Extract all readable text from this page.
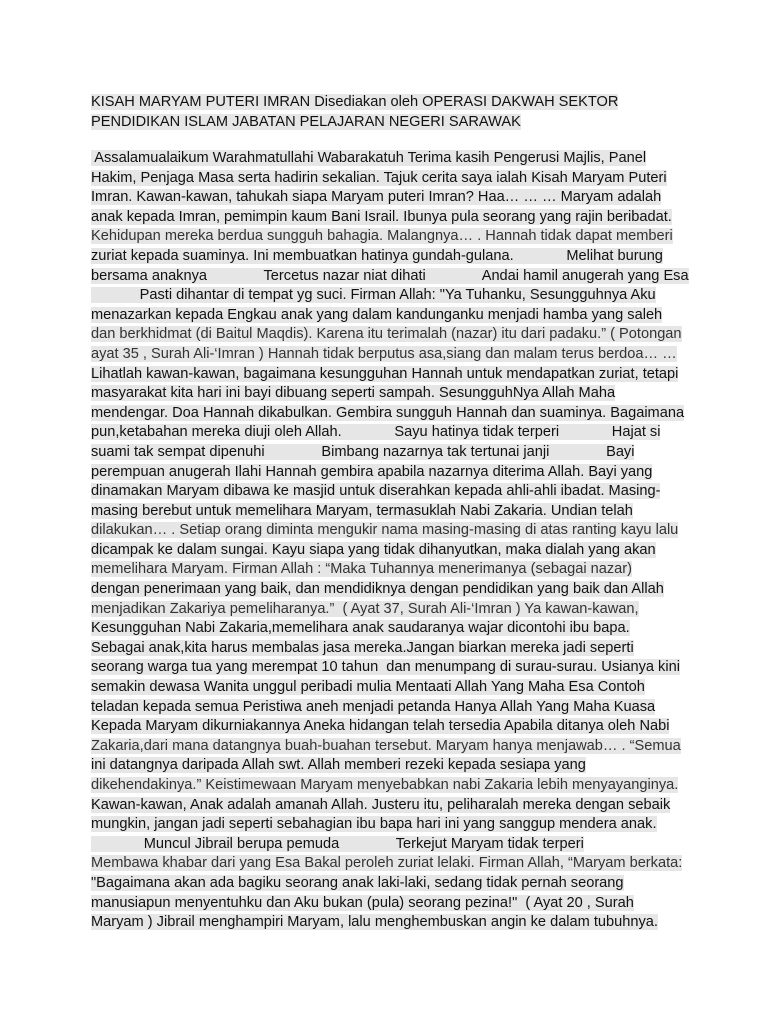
KISAH MARYAM PUTERI IMRAN Disediakan oleh OPERASI DAKWAH SEKTOR
PENDIDIKAN ISLAM JABATAN PELAJARAN NEGERI SARAWAK
Assalamualaikum Warahmatullahi Wabarakatuh Terima kasih Pengerusi Majlis, Panel
Hakim, Penjaga Masa serta hadirin sekalian. Tajuk cerita saya ialah Kisah Maryam Puteri
Imran. Kawan-kawan, tahukah siapa Maryam puteri Imran? Haa… … … Maryam adalah
anak kepada Imran, pemimpin kaum Bani Israil. Ibunya pula seorang yang rajin beribadat.
Kehidupan mereka berdua sungguh bahagia. Malangnya… . Hannah tidak dapat memberi
zuriat kepada suaminya. Ini membuatkan hatinya gundah-gulana.             Melihat burung
bersama anaknya              Tercetus nazar niat dihati              Andai hamil anugerah yang Esa
Pasti dihantar di tempat yg suci. Firman Allah: "Ya Tuhanku, Sesungguhnya Aku
menazarkan kepada Engkau anak yang dalam kandunganku menjadi hamba yang saleh
dan berkhidmat (di Baitul Maqdis). Karena itu terimalah (nazar) itu dari padaku.” ( Potongan
ayat 35 , Surah Ali-‘Imran ) Hannah tidak berputus asa,siang dan malam terus berdoa… …
Lihatlah kawan-kawan, bagaimana kesungguhan Hannah untuk mendapatkan zuriat, tetapi
masyarakat kita hari ini bayi dibuang seperti sampah. SesungguhNya Allah Maha
mendengar. Doa Hannah dikabulkan. Gembira sungguh Hannah dan suaminya. Bagaimana
pun,ketabahan mereka diuji oleh Allah.             Sayu hatinya tidak terperi             Hajat si
suami tak sempat dipenuhi              Bimbang nazarnya tak tertunai janji              Bayi
perempuan anugerah Ilahi Hannah gembira apabila nazarnya diterima Allah. Bayi yang
dinamakan Maryam dibawa ke masjid untuk diserahkan kepada ahli-ahli ibadat. Masing-
masing berebut untuk memelihara Maryam, termasuklah Nabi Zakaria. Undian telah
dilakukan… . Setiap orang diminta mengukir nama masing-masing di atas ranting kayu lalu
dicampak ke dalam sungai. Kayu siapa yang tidak dihanyutkan, maka dialah yang akan
memelihara Maryam. Firman Allah : “Maka Tuhannya menerimanya (sebagai nazar)
dengan penerimaan yang baik, dan mendidiknya dengan pendidikan yang baik dan Allah
menjadikan Zakariya pemeliharanya.”  ( Ayat 37, Surah Ali-‘Imran ) Ya kawan-kawan,
Kesungguhan Nabi Zakaria,memelihara anak saudaranya wajar dicontohi ibu bapa.
Sebagai anak,kita harus membalas jasa mereka.Jangan biarkan mereka jadi seperti
seorang warga tua yang merempat 10 tahun  dan menumpang di surau-surau. Usianya kini
semakin dewasa Wanita unggul peribadi mulia Mentaati Allah Yang Maha Esa Contoh
teladan kepada semua Peristiwa aneh menjadi petanda Hanya Allah Yang Maha Kuasa
Kepada Maryam dikurniakannya Aneka hidangan telah tersedia Apabila ditanya oleh Nabi
Zakaria,dari mana datangnya buah-buahan tersebut. Maryam hanya menjawab… . “Semua
ini datangnya daripada Allah swt. Allah memberi rezeki kepada sesiapa yang
dikehendakinya.” Keistimewaan Maryam menyebabkan nabi Zakaria lebih menyayanginya.
Kawan-kawan, Anak adalah amanah Allah. Justeru itu, peliharalah mereka dengan sebaik
mungkin, jangan jadi seperti sebahagian ibu bapa hari ini yang sanggup mendera anak.
Muncul Jibrail berupa pemuda              Terkejut Maryam tidak terperi
Membawa khabar dari yang Esa Bakal peroleh zuriat lelaki. Firman Allah, “Maryam berkata:
"Bagaimana akan ada bagiku seorang anak laki-laki, sedang tidak pernah seorang
manusiapun menyentuhku dan Aku bukan (pula) seorang pezina!"  ( Ayat 20 , Surah
Maryam ) Jibrail menghampiri Maryam, lalu menghembuskan angin ke dalam tubuhnya.
